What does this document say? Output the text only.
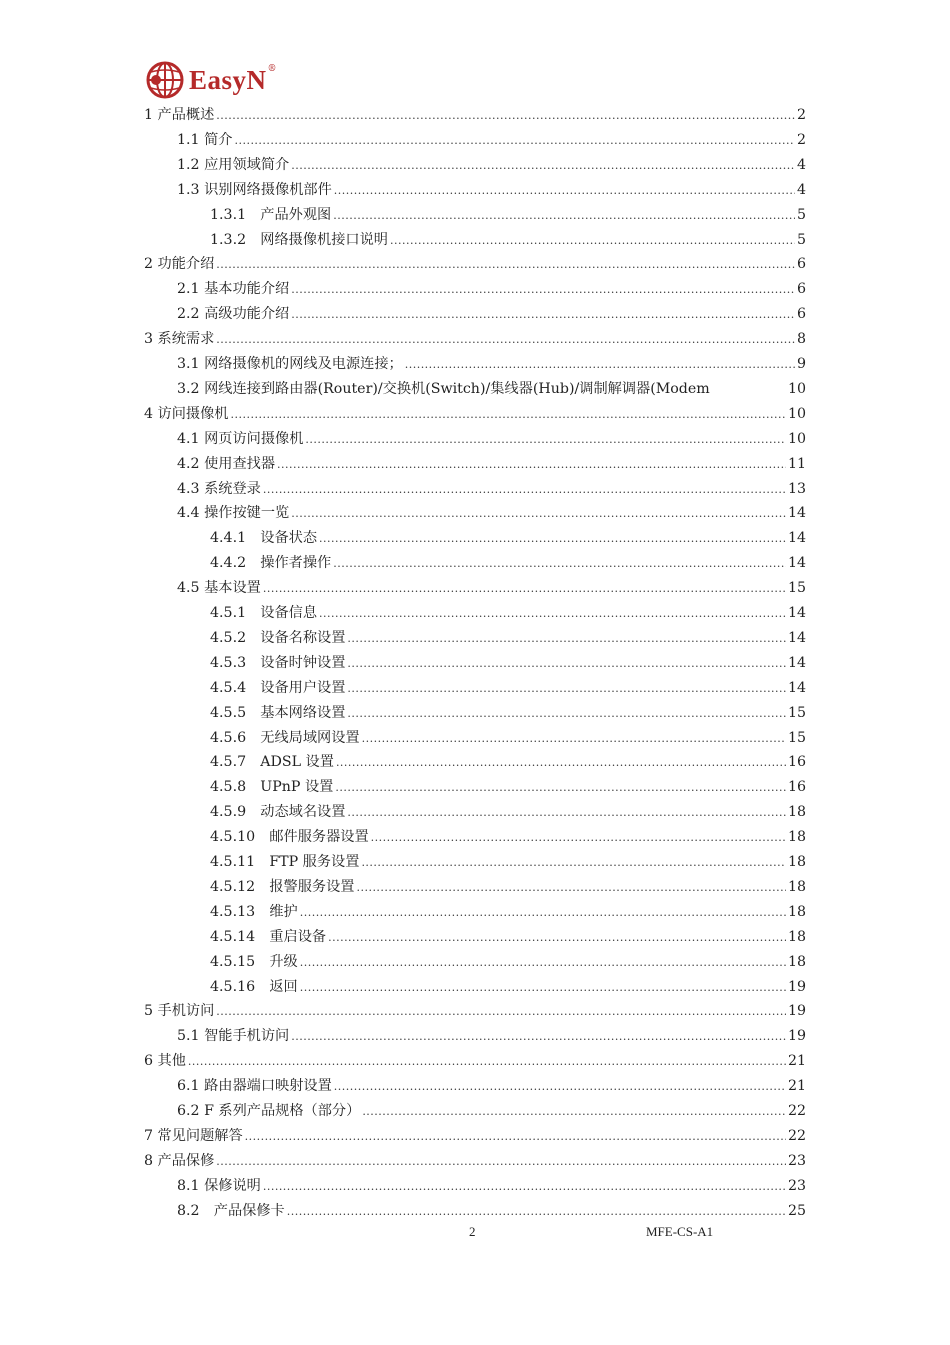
EasyN ®
1 产品概述 .....	2
1.1 简介 .....	2
1.2 应用领域简介 .....	4
1.3 识别网络摄像机部件 .....	4
1.3.1　产品外观图 .....	5
1.3.2　网络摄像机接口说明 .....	5
2 功能介绍 .....	6
2.1 基本功能介绍 .....	6
2.2 高级功能介绍 .....	6
3 系统需求 .....	8
3.1 网络摄像机的网线及电源连接； .....	9
3.2 网线连接到路由器(Router)/交换机(Switch)/集线器(Hub)/调制解调器(Modem	10
4 访问摄像机 .....	10
4.1 网页访问摄像机 .....	10
4.2 使用查找器 .....	11
4.3 系统登录 .....	13
4.4 操作按键一览 .....	14
4.4.1　设备状态 .....	14
4.4.2　操作者操作 .....	14
4.5 基本设置 .....	15
4.5.1　设备信息 .....	14
4.5.2　设备名称设置 .....	14
4.5.3　设备时钟设置 .....	14
4.5.4　设备用户设置 .....	14
4.5.5　基本网络设置 .....	15
4.5.6　无线局域网设置 .....	15
4.5.7　ADSL 设置 .....	16
4.5.8　UPnP 设置 .....	16
4.5.9　动态域名设置 .....	18
4.5.10　邮件服务器设置 .....	18
4.5.11　FTP 服务设置 .....	18
4.5.12　报警服务设置 .....	18
4.5.13　维护 .....	18
4.5.14　重启设备 .....	18
4.5.15　升级 .....	18
4.5.16　返回 .....	19
5 手机访问 .....	19
5.1 智能手机访问 .....	19
6 其他 .....	21
6.1 路由器端口映射设置 .....	21
6.2 F 系列产品规格（部分） .....	22
7 常见问题解答 .....	22
8 产品保修 .....	23
8.1 保修说明 .....	23
8.2　产品保修卡 .....	25
2	MFE-CS-A1
